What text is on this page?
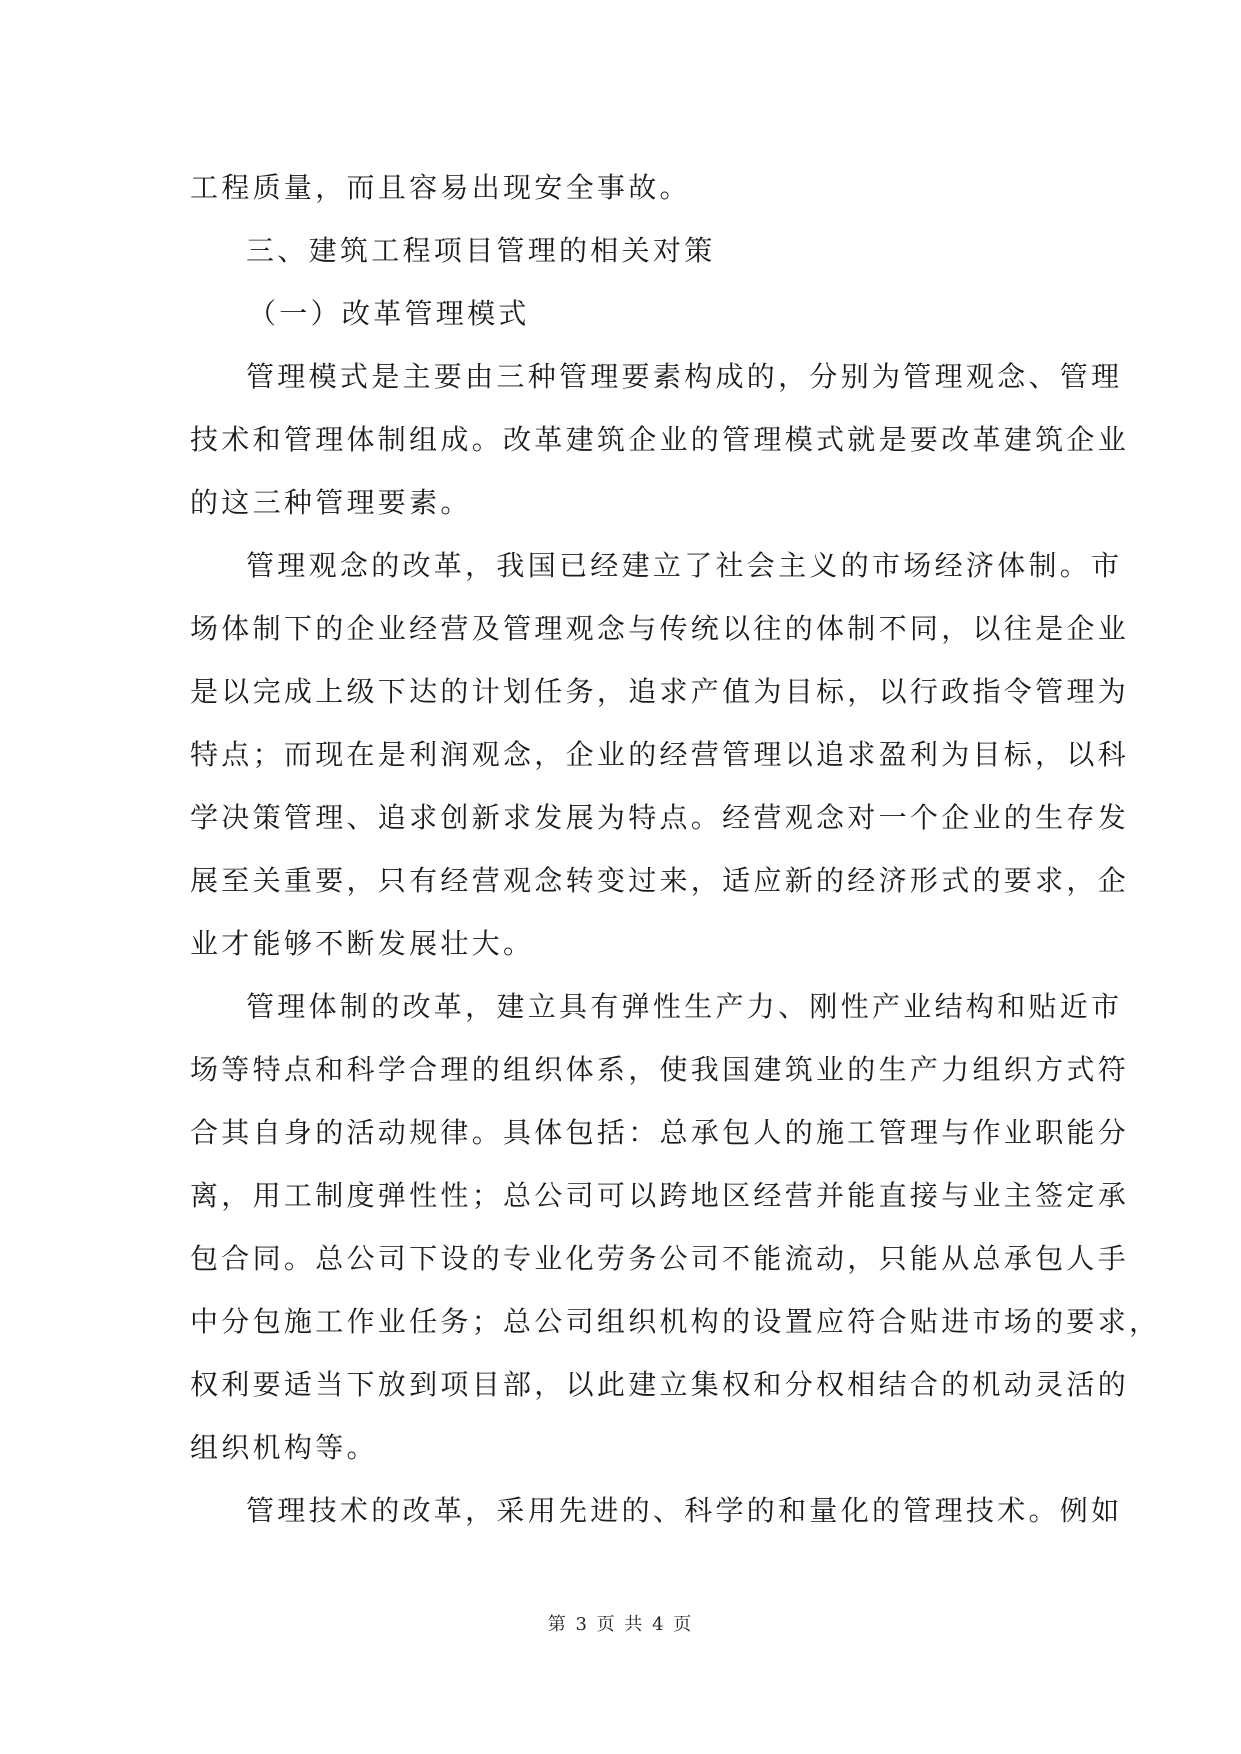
工程质量，而且容易出现安全事故。
三、建筑工程项目管理的相关对策
（一）改革管理模式
管理模式是主要由三种管理要素构成的，分别为管理观念、管理
技术和管理体制组成。改革建筑企业的管理模式就是要改革建筑企业
的这三种管理要素。
管理观念的改革，我国已经建立了社会主义的市场经济体制。市
场体制下的企业经营及管理观念与传统以往的体制不同，以往是企业
是以完成上级下达的计划任务，追求产值为目标，以行政指令管理为
特点；而现在是利润观念，企业的经营管理以追求盈利为目标，以科
学决策管理、追求创新求发展为特点。经营观念对一个企业的生存发
展至关重要，只有经营观念转变过来，适应新的经济形式的要求，企
业才能够不断发展壮大。
管理体制的改革，建立具有弹性生产力、刚性产业结构和贴近市
场等特点和科学合理的组织体系，使我国建筑业的生产力组织方式符
合其自身的活动规律。具体包括：总承包人的施工管理与作业职能分
离，用工制度弹性性；总公司可以跨地区经营并能直接与业主签定承
包合同。总公司下设的专业化劳务公司不能流动，只能从总承包人手
中分包施工作业任务；总公司组织机构的设置应符合贴进市场的要求，
权利要适当下放到项目部，以此建立集权和分权相结合的机动灵活的
组织机构等。
管理技术的改革，采用先进的、科学的和量化的管理技术。例如
第 3 页 共 4 页
